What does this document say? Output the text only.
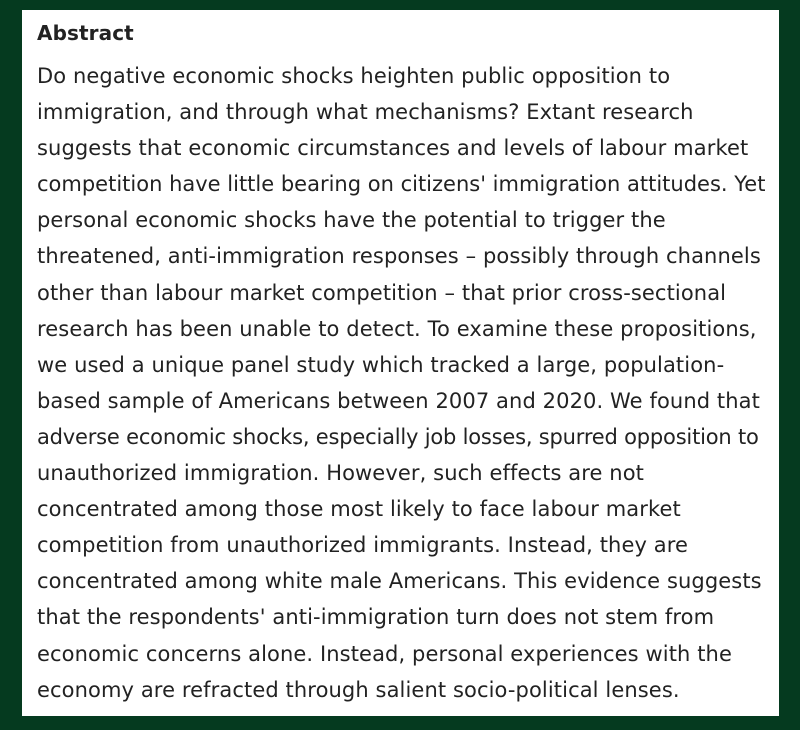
Abstract
Do negative economic shocks heighten public opposition to
immigration, and through what mechanisms? Extant research
suggests that economic circumstances and levels of labour market
competition have little bearing on citizens' immigration attitudes. Yet
personal economic shocks have the potential to trigger the
threatened, anti-immigration responses – possibly through channels
other than labour market competition – that prior cross-sectional
research has been unable to detect. To examine these propositions,
we used a unique panel study which tracked a large, population-
based sample of Americans between 2007 and 2020. We found that
adverse economic shocks, especially job losses, spurred opposition to
unauthorized immigration. However, such effects are not
concentrated among those most likely to face labour market
competition from unauthorized immigrants. Instead, they are
concentrated among white male Americans. This evidence suggests
that the respondents' anti-immigration turn does not stem from
economic concerns alone. Instead, personal experiences with the
economy are refracted through salient socio-political lenses.
